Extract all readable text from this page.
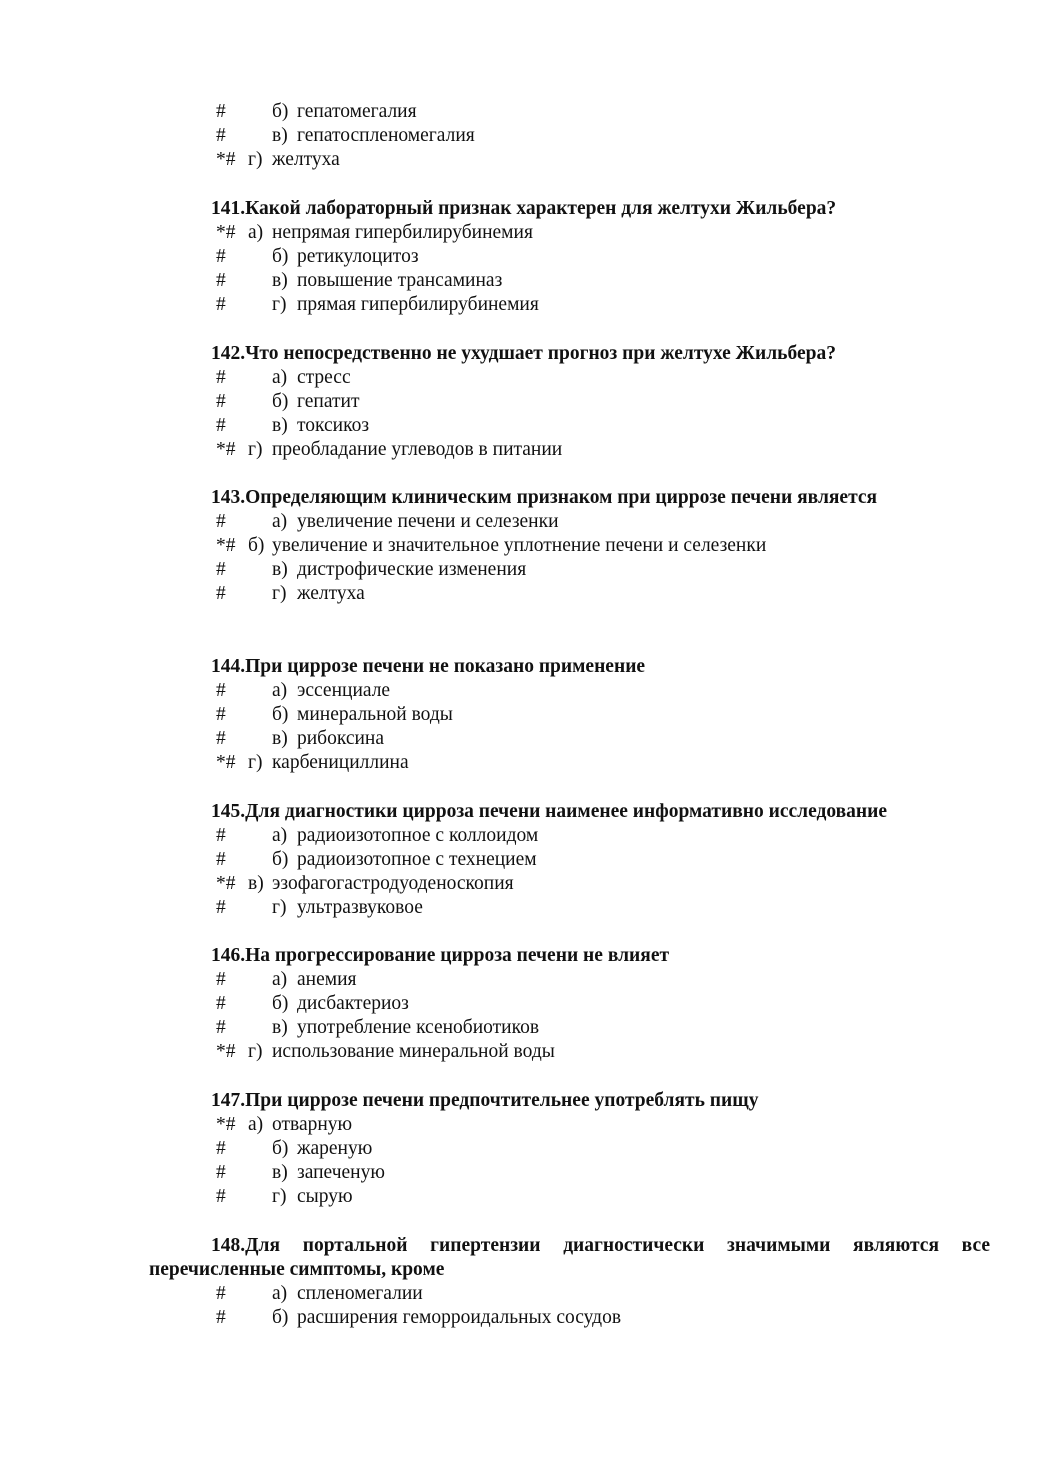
# б) гепатомегалия
# в) гепатоспленомегалия
*# г) желтуха
141.Какой лабораторный признак характерен для желтухи Жильбера?
*# а) непрямая гипербилирубинемия
# б) ретикулоцитоз
# в) повышение трансаминаз
# г) прямая гипербилирубинемия
142.Что непосредственно не ухудшает прогноз при желтухе Жильбера?
# а) стресс
# б) гепатит
# в) токсикоз
*# г) преобладание углеводов в питании
143.Определяющим клиническим признаком при циррозе печени является
# а) увеличение печени и селезенки
*# б) увеличение и значительное уплотнение печени и селезенки
# в) дистрофические изменения
# г) желтуха
144.При циррозе печени не показано применение
# а) эссенциале
# б) минеральной воды
# в) рибоксина
*# г) карбенициллина
145.Для диагностики цирроза печени наименее информативно исследование
# а) радиоизотопное с коллоидом
# б) радиоизотопное с технецием
*# в) эзофагогастродуоденоскопия
# г) ультразвуковое
146.На прогрессирование цирроза печени не влияет
# а) анемия
# б) дисбактериоз
# в) употребление ксенобиотиков
*# г) использование минеральной воды
147.При циррозе печени предпочтительнее употреблять пищу
*# а) отварную
# б) жареную
# в) запеченую
# г) сырую
148.Для портальной гипертензии диагностически значимыми являются все
перечисленные симптомы, кроме
# а) спленомегалии
# б) расширения геморроидальных сосудов
